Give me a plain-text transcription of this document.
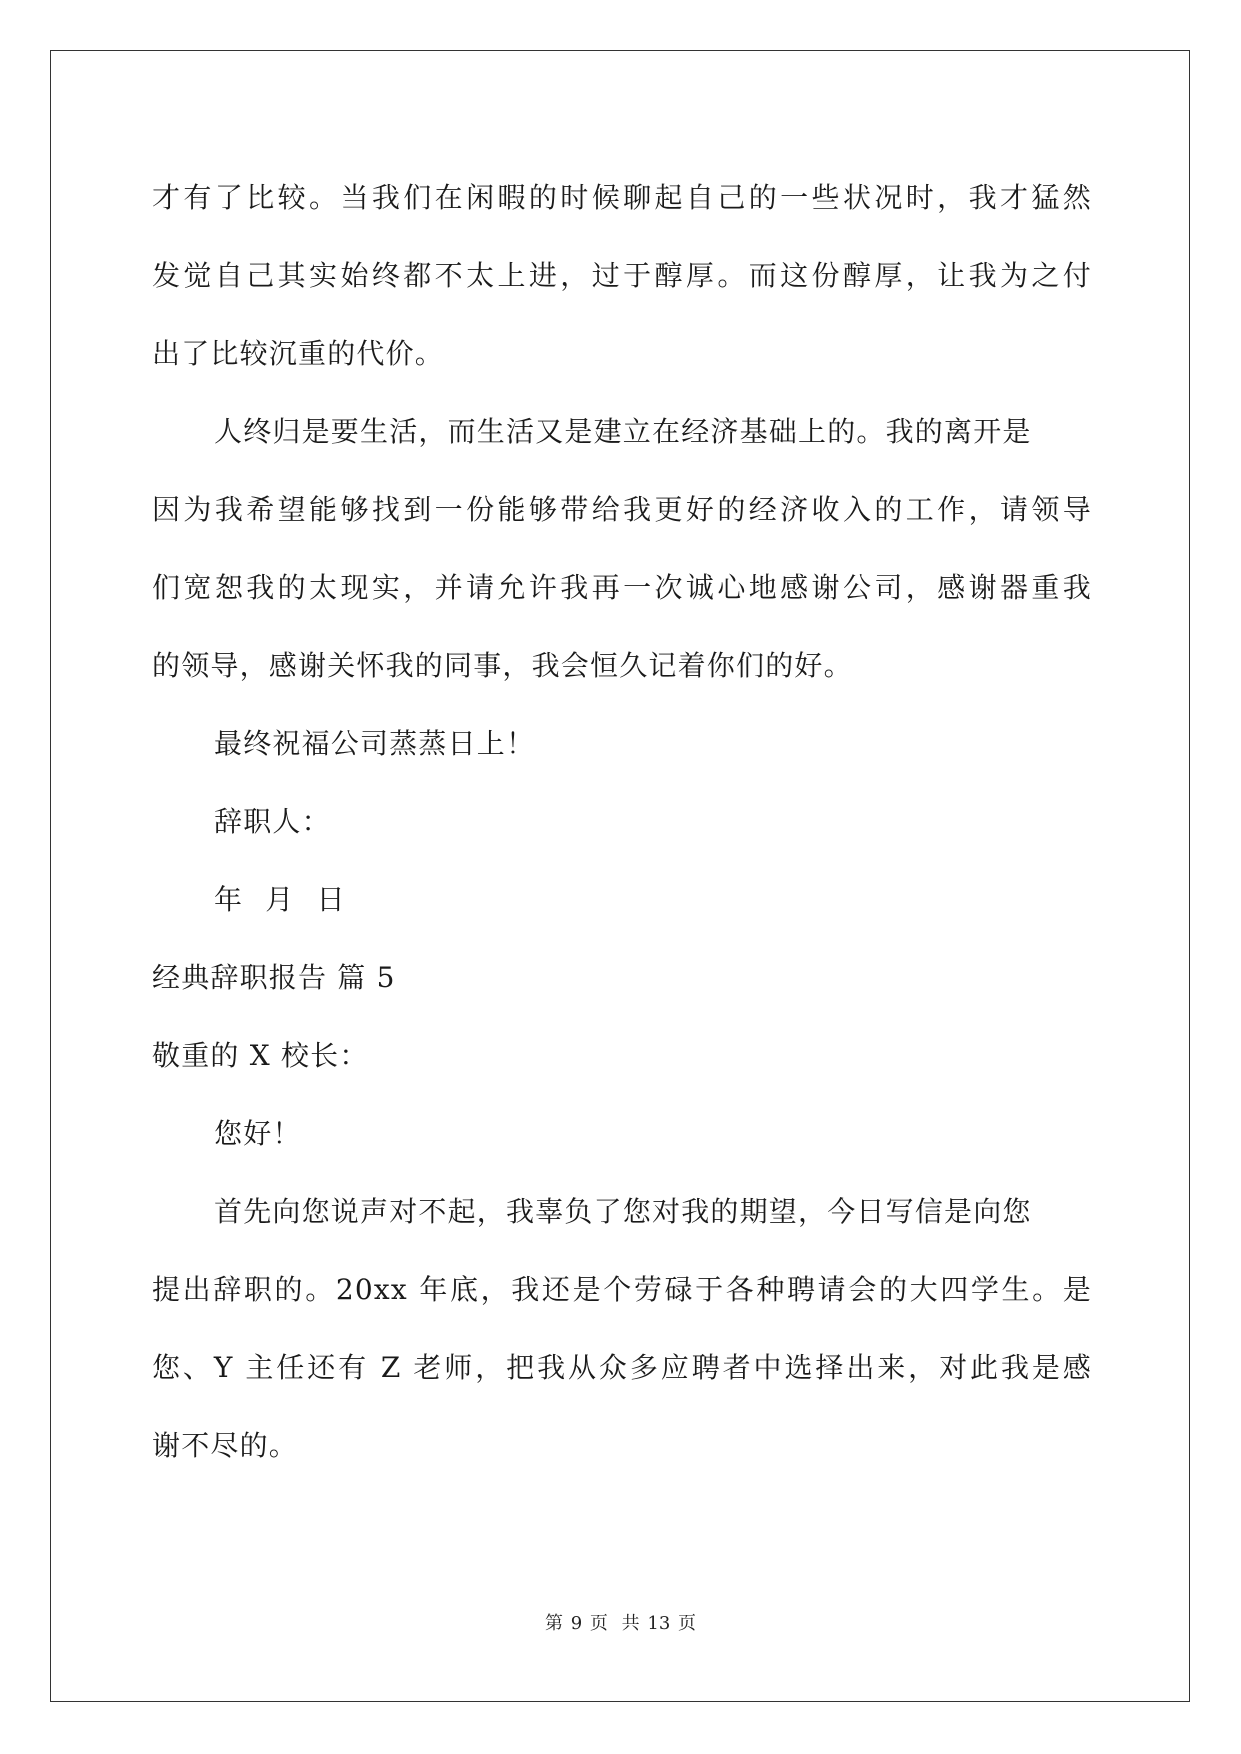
才有了比较。当我们在闲暇的时候聊起自己的一些状况时，我才猛然
发觉自己其实始终都不太上进，过于醇厚。而这份醇厚，让我为之付
出了比较沉重的代价。
人终归是要生活，而生活又是建立在经济基础上的。我的离开是
因为我希望能够找到一份能够带给我更好的经济收入的工作，请领导
们宽恕我的太现实，并请允许我再一次诚心地感谢公司，感谢器重我
的领导，感谢关怀我的同事，我会恒久记着你们的好。
最终祝福公司蒸蒸日上！
辞职人：
年 月 日
经典辞职报告 篇 5
敬重的 X 校长：
您好！
首先向您说声对不起，我辜负了您对我的期望，今日写信是向您
提出辞职的。20xx 年底，我还是个劳碌于各种聘请会的大四学生。是
您、Y 主任还有 Z 老师，把我从众多应聘者中选择出来，对此我是感
谢不尽的。
第 9 页 共 13 页
